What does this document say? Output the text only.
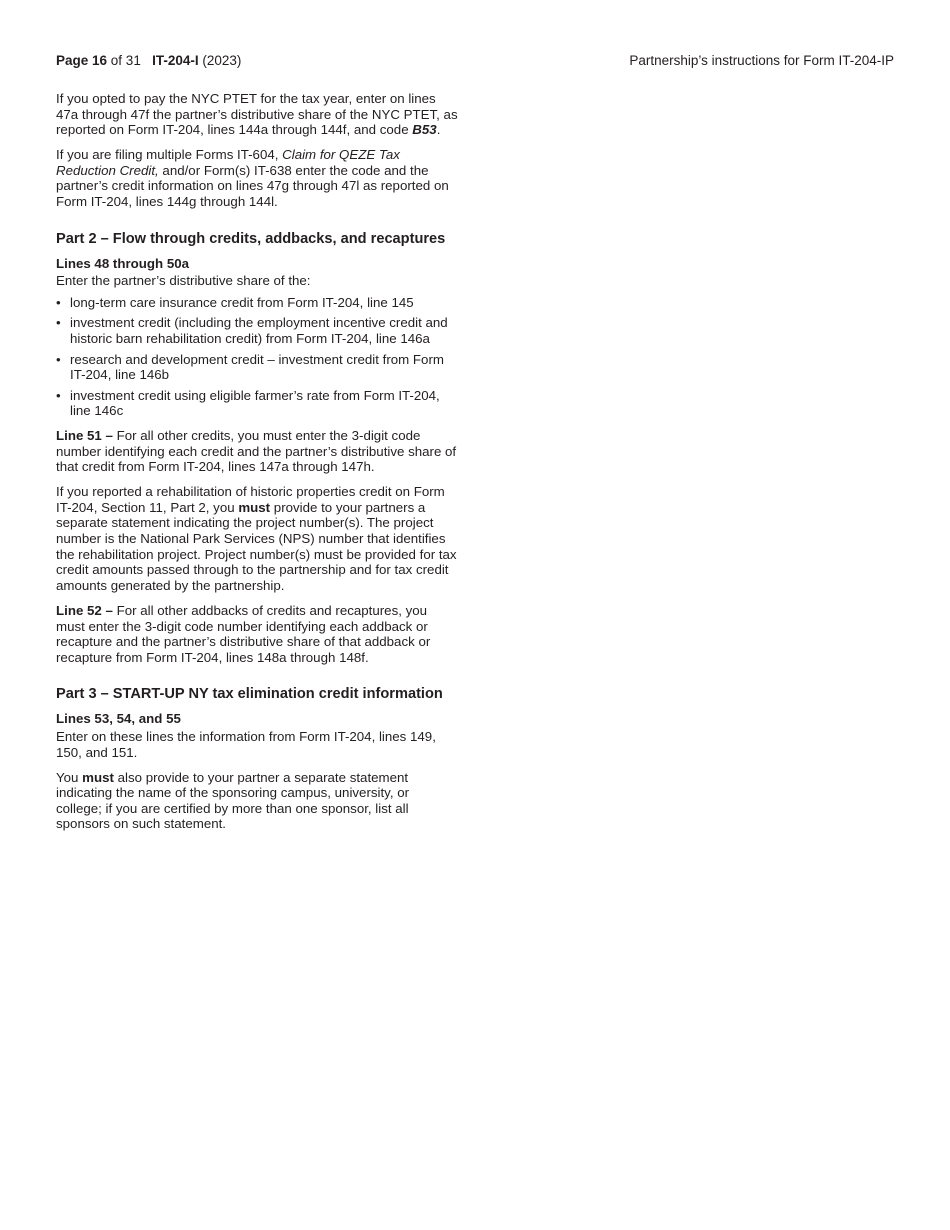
Page 16 of 31 IT-204-I (2023)	Partnership’s instructions for Form IT-204-IP

If you opted to pay the NYC PTET for the tax year, enter on lines 47a through 47f the partner’s distributive share of the NYC PTET, as reported on Form IT-204, lines 144a through 144f, and code B53.

If you are filing multiple Forms IT-604, Claim for QEZE Tax Reduction Credit, and/or Form(s) IT-638 enter the code and the partner’s credit information on lines 47g through 47l as reported on Form IT-204, lines 144g through 144l.

Part 2 – Flow through credits, addbacks, and recaptures
Lines 48 through 50a

Enter the partner’s distributive share of the:

• long-term care insurance credit from Form IT-204, line 145
• investment credit (including the employment incentive credit and historic barn rehabilitation credit) from Form IT-204, line 146a
• research and development credit – investment credit from Form IT-204, line 146b
• investment credit using eligible farmer’s rate from Form IT-204, line 146c

Line 51 – For all other credits, you must enter the 3-digit code number identifying each credit and the partner’s distributive share of that credit from Form IT-204, lines 147a through 147h.

If you reported a rehabilitation of historic properties credit on Form IT-204, Section 11, Part 2, you must provide to your partners a separate statement indicating the project number(s). The project number is the National Park Services (NPS) number that identifies the rehabilitation project. Project number(s) must be provided for tax credit amounts passed through to the partnership and for tax credit amounts generated by the partnership.

Line 52 – For all other addbacks of credits and recaptures, you must enter the 3-digit code number identifying each addback or recapture and the partner’s distributive share of that addback or recapture from Form IT-204, lines 148a through 148f.

Part 3 – START-UP NY tax elimination credit information
Lines 53, 54, and 55

Enter on these lines the information from Form IT-204, lines 149, 150, and 151.

You must also provide to your partner a separate statement indicating the name of the sponsoring campus, university, or college; if you are certified by more than one sponsor, list all sponsors on such statement.
